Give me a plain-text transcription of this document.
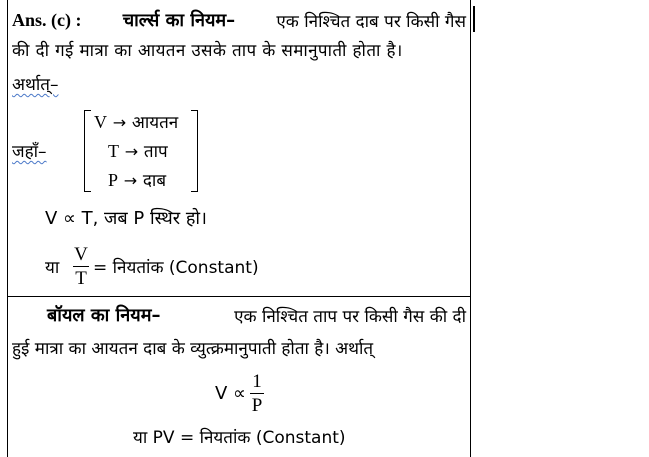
Ans. (c) : चार्ल्स का नियम– एक निश्चित दाब पर किसी गैस
की दी गई मात्रा का आयतन उसके ताप के समानुपाती होता है।
अर्थात्–
जहाँ–
V → आयतन
T → ताप
P → दाब
V ∝ T, जब P स्थिर हो।
या
V
T = नियतांक (Constant)
बॉयल का नियम–	एक निश्चित ताप पर किसी गैस की दी
हुई मात्रा का आयतन दाब के व्युत्क्रमानुपाती होता है। अर्थात्
V ∝
1
P
या PV = नियतांक (Constant)
